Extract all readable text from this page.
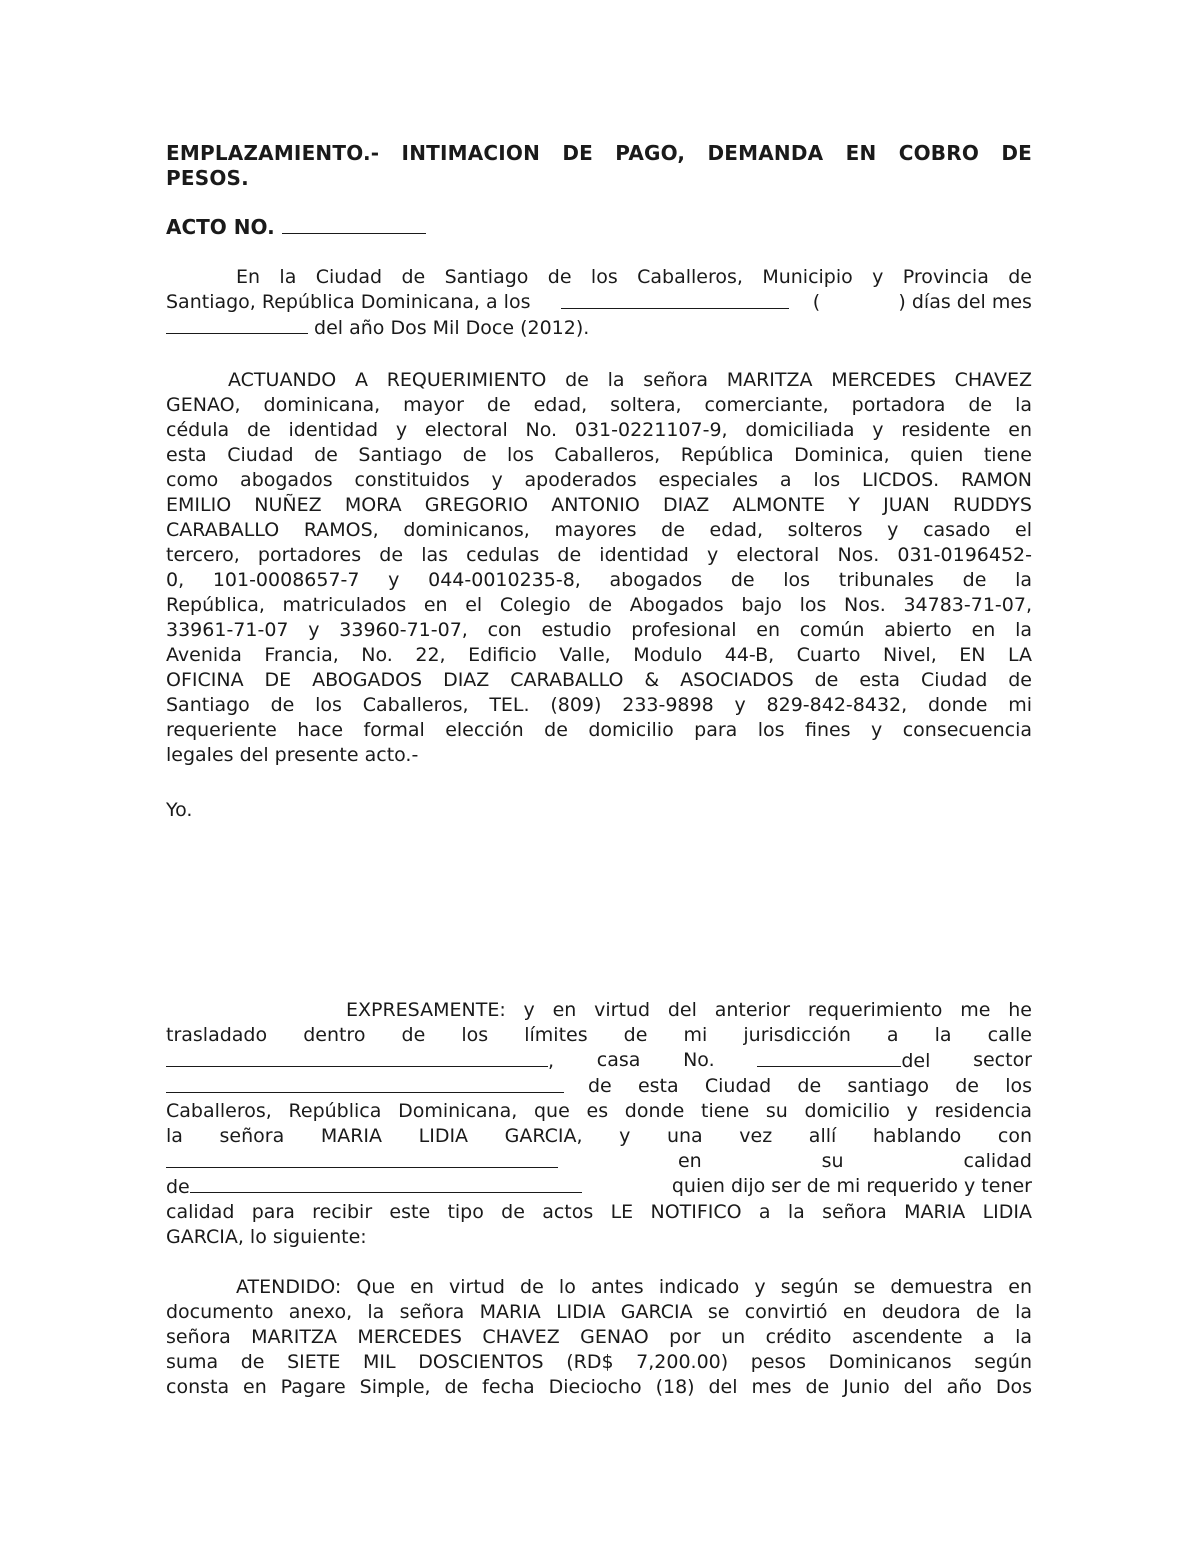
EMPLAZAMIENTO.- INTIMACION DE PAGO, DEMANDA EN COBRO DE
PESOS.
ACTO NO.
En la Ciudad de Santiago de los Caballeros, Municipio y Provincia de
Santiago, República Dominicana, a los	(	) días del mes
del año Dos Mil Doce (2012).
ACTUANDO A REQUERIMIENTO de la señora MARITZA MERCEDES CHAVEZ
GENAO, dominicana, mayor de edad, soltera, comerciante, portadora de la
cédula de identidad y electoral No. 031-0221107-9, domiciliada y residente en
esta Ciudad de Santiago de los Caballeros, República Dominica, quien tiene
como abogados constituidos y apoderados especiales a los LICDOS. RAMON
EMILIO NUÑEZ MORA GREGORIO ANTONIO DIAZ ALMONTE Y JUAN RUDDYS
CARABALLO RAMOS, dominicanos, mayores de edad, solteros y casado el
tercero, portadores de las cedulas de identidad y electoral Nos. 031-0196452-
0, 101-0008657-7 y 044-0010235-8, abogados de los tribunales de la
República, matriculados en el Colegio de Abogados bajo los Nos. 34783-71-07,
33961-71-07 y 33960-71-07, con estudio profesional en común abierto en la
Avenida Francia, No. 22, Edificio Valle, Modulo 44-B, Cuarto Nivel, EN LA
OFICINA DE ABOGADOS DIAZ CARABALLO & ASOCIADOS de esta Ciudad de
Santiago de los Caballeros, TEL. (809) 233-9898 y 829-842-8432, donde mi
requeriente hace formal elección de domicilio para los fines y consecuencia
legales del presente acto.-
Yo.
EXPRESAMENTE: y en virtud del anterior requerimiento me he
trasladado dentro de los límites de mi jurisdicción a la calle
, casa No.	del sector
de esta Ciudad de santiago de los
Caballeros, República Dominicana, que es donde tiene su domicilio y residencia
la señora MARIA LIDIA GARCIA, y una vez allí hablando con
en	su	calidad
de	quien dijo ser de mi requerido y tener
calidad para recibir este tipo de actos LE NOTIFICO a la señora MARIA LIDIA
GARCIA, lo siguiente:
ATENDIDO: Que en virtud de lo antes indicado y según se demuestra en
documento anexo, la señora MARIA LIDIA GARCIA se convirtió en deudora de la
señora MARITZA MERCEDES CHAVEZ GENAO por un crédito ascendente a la
suma de SIETE MIL DOSCIENTOS (RD$ 7,200.00) pesos Dominicanos según
consta en Pagare Simple, de fecha Dieciocho (18) del mes de Junio del año Dos
